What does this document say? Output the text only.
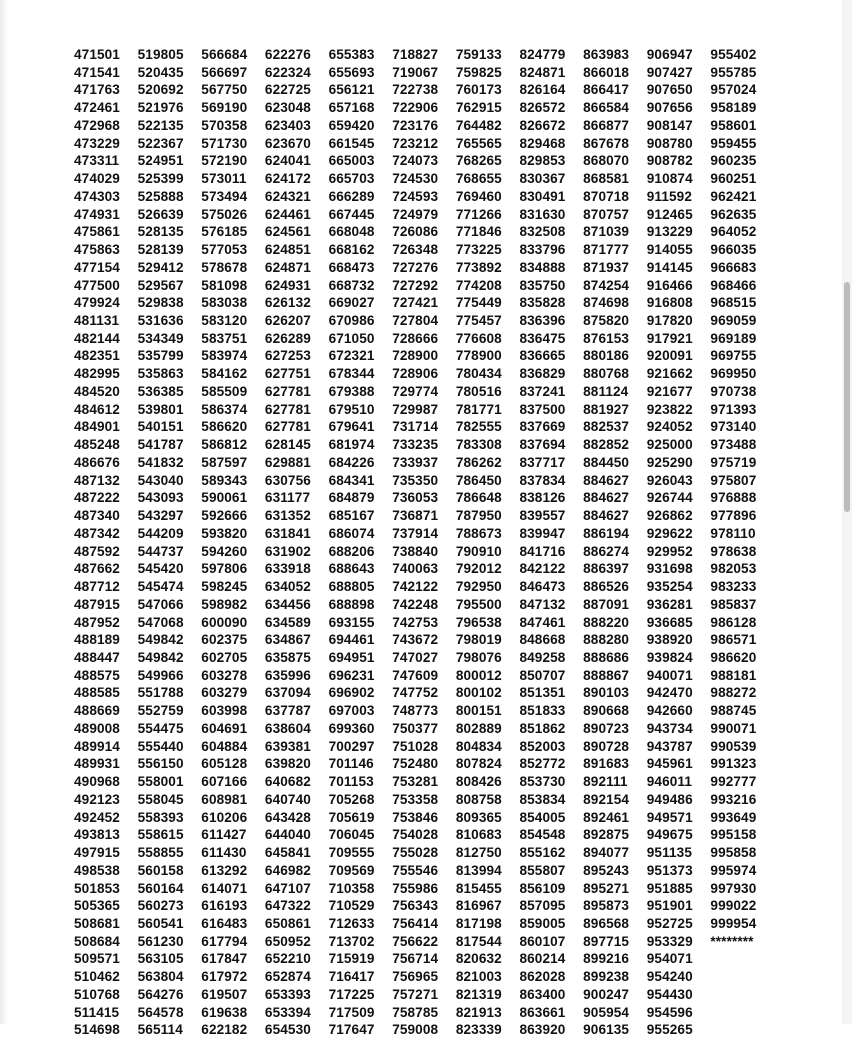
471501
471541
471763
472461
472968
473229
473311
474029
474303
474931
475861
475863
477154
477500
479924
481131
482144
482351
482995
484520
484612
484901
485248
486676
487132
487222
487340
487342
487592
487662
487712
487915
487952
488189
488447
488575
488585
488669
489008
489914
489931
490968
492123
492452
493813
497915
498538
501853
505365
508681
508684
509571
510462
510768
511415
514698
519805
520435
520692
521976
522135
522367
524951
525399
525888
526639
528135
528139
529412
529567
529838
531636
534349
535799
535863
536385
539801
540151
541787
541832
543040
543093
543297
544209
544737
545420
545474
547066
547068
549842
549842
549966
551788
552759
554475
555440
556150
558001
558045
558393
558615
558855
560158
560164
560273
560541
561230
563105
563804
564276
564578
565114
566684
566697
567750
569190
570358
571730
572190
573011
573494
575026
576185
577053
578678
581098
583038
583120
583751
583974
584162
585509
586374
586620
586812
587597
589343
590061
592666
593820
594260
597806
598245
598982
600090
602375
602705
603278
603279
603998
604691
604884
605128
607166
608981
610206
611427
611430
613292
614071
616193
616483
617794
617847
617972
619507
619638
622182
622276
622324
622725
623048
623403
623670
624041
624172
624321
624461
624561
624851
624871
624931
626132
626207
626289
627253
627751
627781
627781
627781
628145
629881
630756
631177
631352
631841
631902
633918
634052
634456
634589
634867
635875
635996
637094
637787
638604
639381
639820
640682
640740
643428
644040
645841
646982
647107
647322
650861
650952
652210
652874
653393
653394
654530
655383
655693
656121
657168
659420
661545
665003
665703
666289
667445
668048
668162
668473
668732
669027
670986
671050
672321
678344
679388
679510
679641
681974
684226
684341
684879
685167
686074
688206
688643
688805
688898
693155
694461
694951
696231
696902
697003
699360
700297
701146
701153
705268
705619
706045
709555
709569
710358
710529
712633
713702
715919
716417
717225
717509
717647
718827
719067
722738
722906
723176
723212
724073
724530
724593
724979
726086
726348
727276
727292
727421
727804
728666
728900
728906
729774
729987
731714
733235
733937
735350
736053
736871
737914
738840
740063
742122
742248
742753
743672
747027
747609
747752
748773
750377
751028
752480
753281
753358
753846
754028
755028
755546
755986
756343
756414
756622
756714
756965
757271
758785
759008
759133
759825
760173
762915
764482
765565
768265
768655
769460
771266
771846
773225
773892
774208
775449
775457
776608
778900
780434
780516
781771
782555
783308
786262
786450
786648
787950
788673
790910
792012
792950
795500
796538
798019
798076
800012
800102
800151
802889
804834
807824
808426
808758
809365
810683
812750
813994
815455
816967
817198
817544
820632
821003
821319
821913
823339
824779
824871
826164
826572
826672
829468
829853
830367
830491
831630
832508
833796
834888
835750
835828
836396
836475
836665
836829
837241
837500
837669
837694
837717
837834
838126
839557
839947
841716
842122
846473
847132
847461
848668
849258
850707
851351
851833
851862
852003
852772
853730
853834
854005
854548
855162
855807
856109
857095
859005
860107
860214
862028
863400
863661
863920
863983
866018
866417
866584
866877
867678
868070
868581
870718
870757
871039
871777
871937
874254
874698
875820
876153
880186
880768
881124
881927
882537
882852
884450
884627
884627
884627
886194
886274
886397
886526
887091
888220
888280
888686
888867
890103
890668
890723
890728
891683
892111
892154
892461
892875
894077
895243
895271
895873
896568
897715
899216
899238
900247
905954
906135
906947
907427
907650
907656
908147
908780
908782
910874
911592
912465
913229
914055
914145
916466
916808
917820
917921
920091
921662
921677
923822
924052
925000
925290
926043
926744
926862
929622
929952
931698
935254
936281
936685
938920
939824
940071
942470
942660
943734
943787
945961
946011
949486
949571
949675
951135
951373
951885
951901
952725
953329
954071
954240
954430
954596
955265
955402
955785
957024
958189
958601
959455
960235
960251
962421
962635
964052
966035
966683
968466
968515
969059
969189
969755
969950
970738
971393
973140
973488
975719
975807
976888
977896
978110
978638
982053
983233
985837
986128
986571
986620
988181
988272
988745
990071
990539
991323
992777
993216
993649
995158
995858
995974
997930
999022
999954
********
